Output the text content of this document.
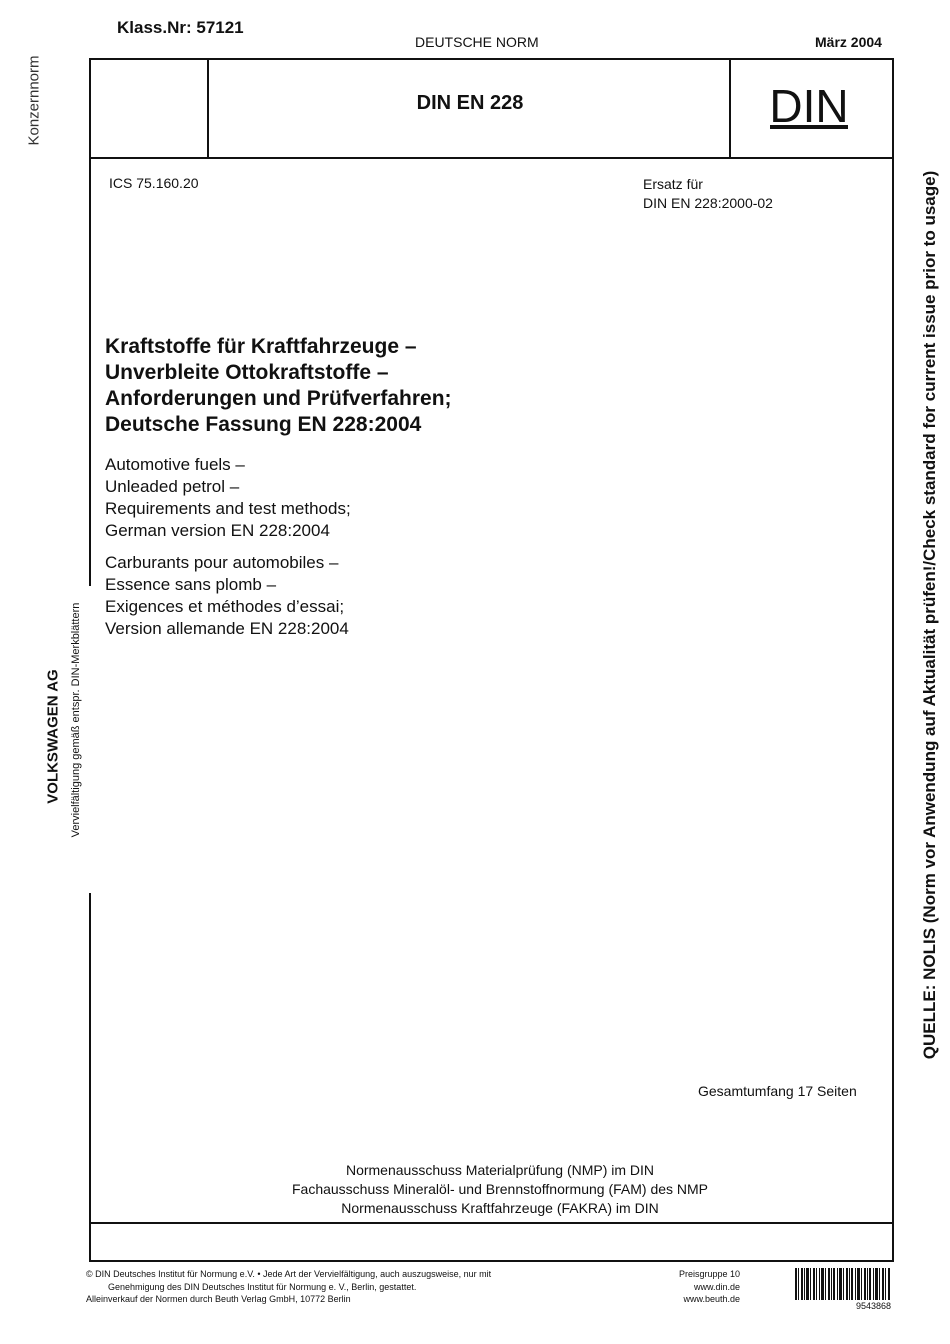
Klass.Nr: 57121
DEUTSCHE NORM	März 2004
DIN EN 228	DIN
ICS 75.160.20	Ersatz für
DIN EN 228:2000-02
Kraftstoffe für Kraftfahrzeuge –
Unverbleite Ottokraftstoffe –
Anforderungen und Prüfverfahren;
Deutsche Fassung EN 228:2004
Automotive fuels –
Unleaded petrol –
Requirements and test methods;
German version EN 228:2004
Carburants pour automobiles –
Essence sans plomb –
Exigences et méthodes d’essai;
Version allemande EN 228:2004
Konzernnorm
VOLKSWAGEN AG Vervielfältigung gemäß entspr. DIN-Merkblättern	QUELLE: NOLIS (Norm vor Anwendung auf Aktualität prüfen!/Check standard for current issue prior to usage)
Gesamtumfang 17 Seiten
Normenausschuss Materialprüfung (NMP) im DIN
Fachausschuss Mineralöl- und Brennstoffnormung (FAM) des NMP
Normenausschuss Kraftfahrzeuge (FAKRA) im DIN
© DIN Deutsches Institut für Normung e.V. • Jede Art der Vervielfältigung, auch auszugsweise, nur mit
Genehmigung des DIN Deutsches Institut für Normung e. V., Berlin, gestattet.
Alleinverkauf der Normen durch Beuth Verlag GmbH, 10772 Berlin
Preisgruppe 10
www.din.de
www.beuth.de
9543868
